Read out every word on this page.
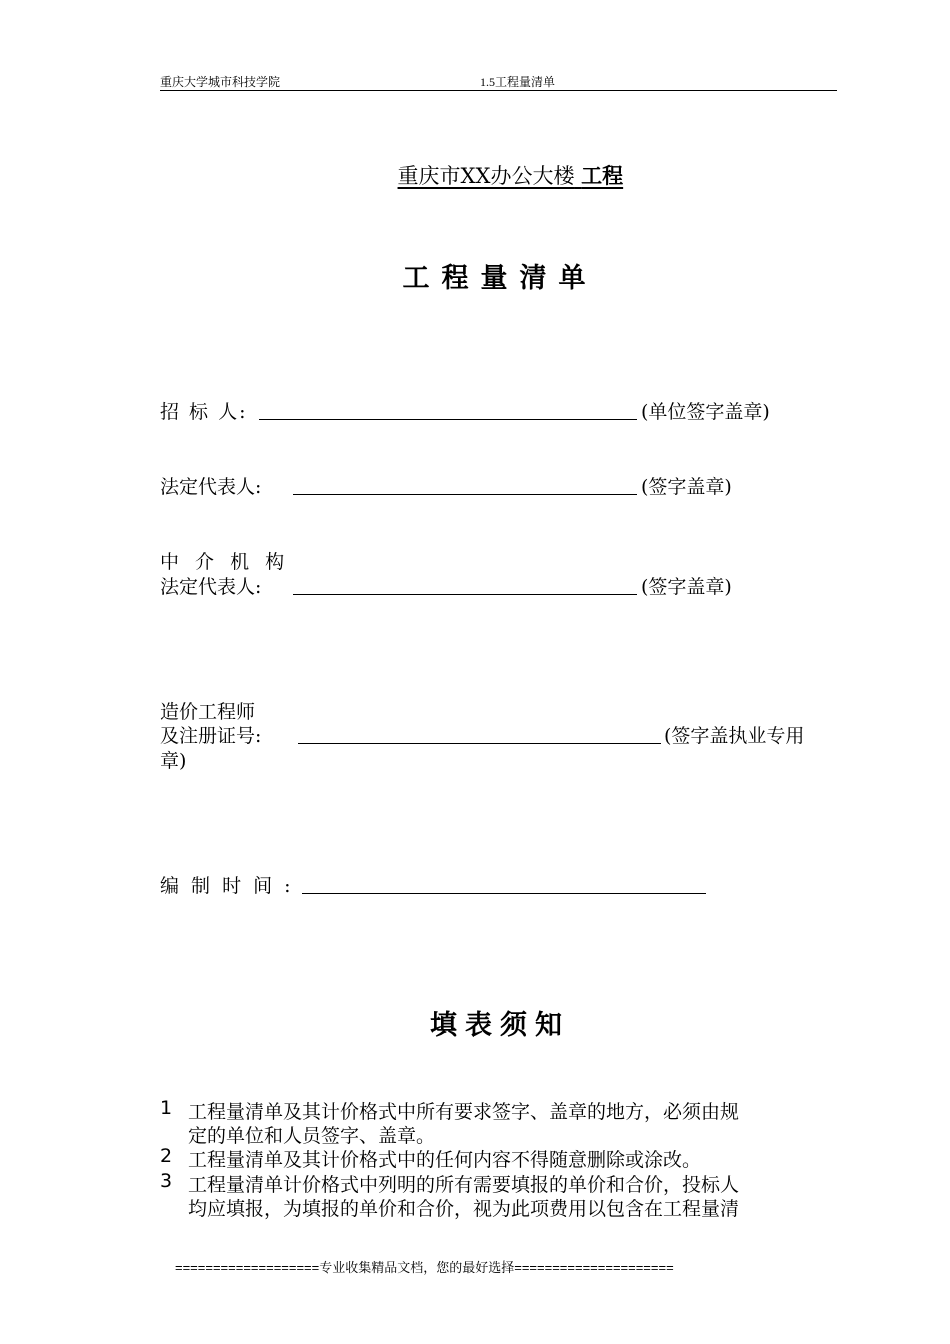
重庆大学城市科技学院	1.5工程量清单
重庆市XX办公大楼 工程
工程量清单
招 标 人:	(单位签字盖章)
法定代表人:	(签字盖章)
中 介 机 构
法定代表人:	(签字盖章)
造价工程师
及注册证号:	(签字盖执业专用
章)
编 制 时 间 :
填表须知
1 工程量清单及其计价格式中所有要求签字、盖章的地方，必须由规
定的单位和人员签字、盖章。
2 工程量清单及其计价格式中的任何内容不得随意删除或涂改。
3 工程量清单计价格式中列明的所有需要填报的单价和合价，投标人
均应填报，为填报的单价和合价，视为此项费用以包含在工程量清
===================专业收集精品文档，您的最好选择=====================
